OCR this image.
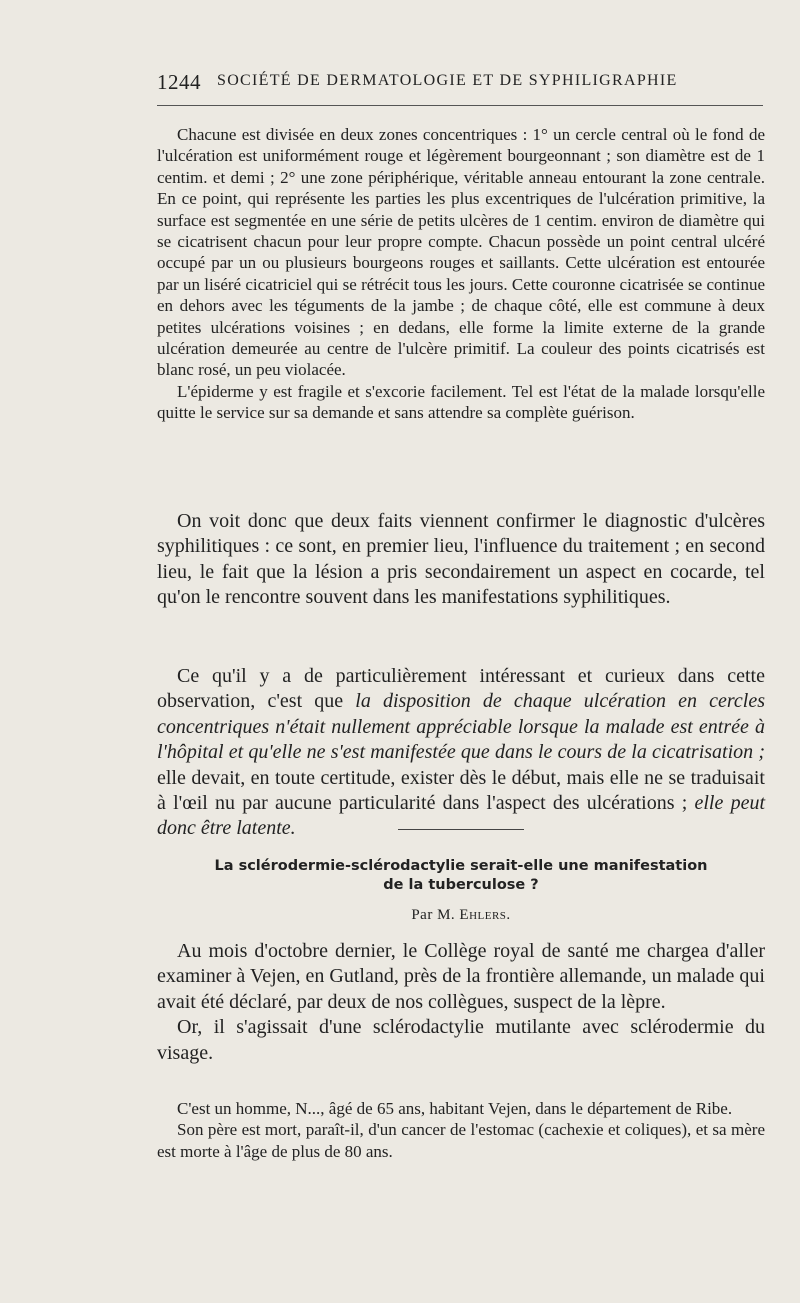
1244 SOCIÉTÉ DE DERMATOLOGIE ET DE SYPHILIGRAPHIE

Chacune est divisée en deux zones concentriques : 1° un cercle central où le fond de l'ulcération est uniformément rouge et légèrement bourgeonnant ; son diamètre est de 1 centim. et demi ; 2° une zone périphérique, véritable anneau entourant la zone centrale. En ce point, qui représente les parties les plus excentriques de l'ulcération primitive, la surface est segmentée en une série de petits ulcères de 1 centim. environ de diamètre qui se cicatrisent chacun pour leur propre compte. Chacun possède un point central ulcéré occupé par un ou plusieurs bourgeons rouges et saillants. Cette ulcération est entourée par un liséré cicatriciel qui se rétrécit tous les jours. Cette couronne cicatrisée se continue en dehors avec les téguments de la jambe ; de chaque côté, elle est commune à deux petites ulcérations voisines ; en dedans, elle forme la limite externe de la grande ulcération demeurée au centre de l'ulcère primitif. La couleur des points cicatrisés est blanc rosé, un peu violacée.

L'épiderme y est fragile et s'excorie facilement. Tel est l'état de la malade lorsqu'elle quitte le service sur sa demande et sans attendre sa complète guérison.

On voit donc que deux faits viennent confirmer le diagnostic d'ulcères syphilitiques : ce sont, en premier lieu, l'influence du traitement ; en second lieu, le fait que la lésion a pris secondairement un aspect en cocarde, tel qu'on le rencontre souvent dans les manifestations syphilitiques.

Ce qu'il y a de particulièrement intéressant et curieux dans cette observation, c'est que la disposition de chaque ulcération en cercles concentriques n'était nullement appréciable lorsque la malade est entrée à l'hôpital et qu'elle ne s'est manifestée que dans le cours de la cicatrisation ; elle devait, en toute certitude, exister dès le début, mais elle ne se traduisait à l'œil nu par aucune particularité dans l'aspect des ulcérations ; elle peut donc être latente.

La sclérodermie-sclérodactylie serait-elle une manifestation
de la tuberculose ?
Par M. Ehlers.

Au mois d'octobre dernier, le Collège royal de santé me chargea d'aller examiner à Vejen, en Gutland, près de la frontière allemande, un malade qui avait été déclaré, par deux de nos collègues, suspect de la lèpre.

Or, il s'agissait d'une sclérodactylie mutilante avec sclérodermie du visage.

C'est un homme, N..., âgé de 65 ans, habitant Vejen, dans le département de Ribe.

Son père est mort, paraît-il, d'un cancer de l'estomac (cachexie et coliques), et sa mère est morte à l'âge de plus de 80 ans.
